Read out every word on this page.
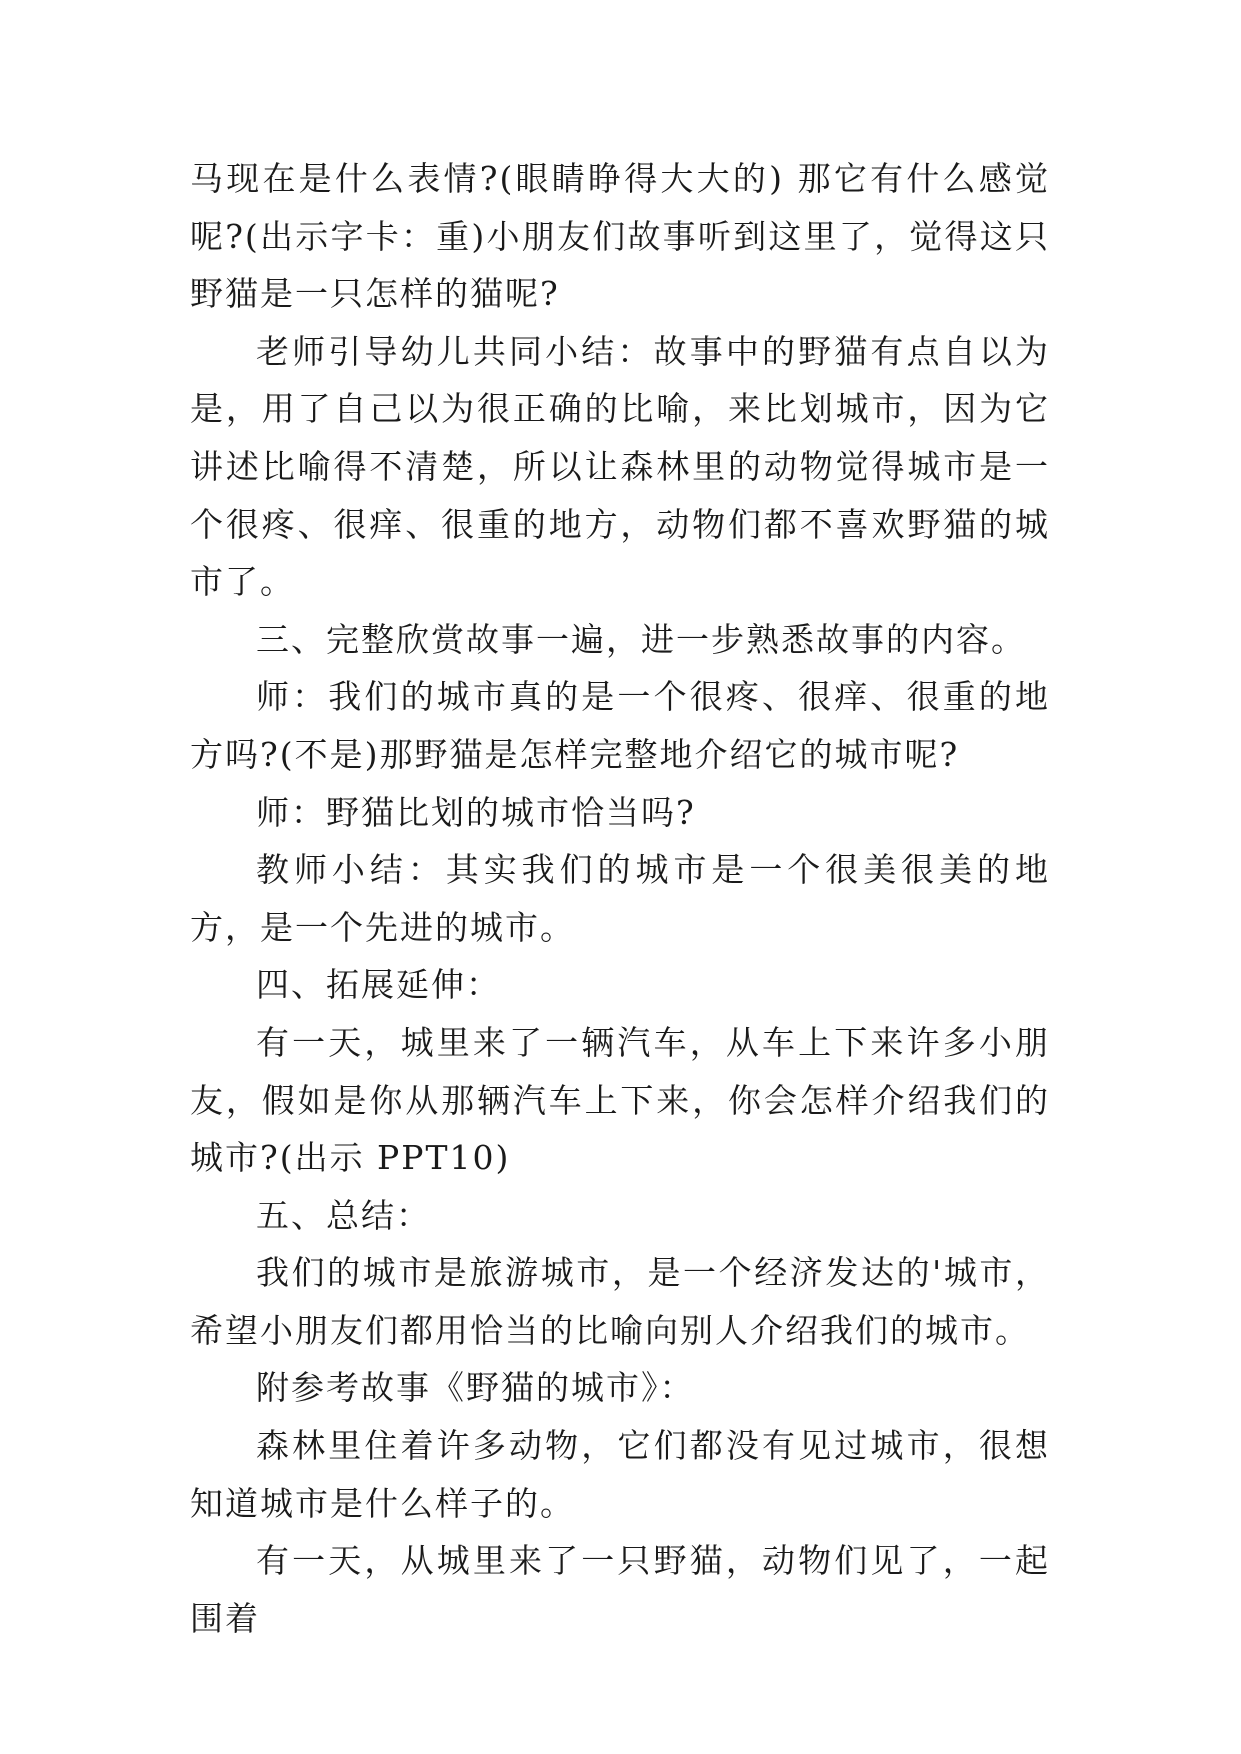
马现在是什么表情?(眼睛睁得大大的) 那它有什么感觉呢?(出示字卡：重)小朋友们故事听到这里了，觉得这只野猫是一只怎样的猫呢?

老师引导幼儿共同小结：故事中的野猫有点自以为是，用了自己以为很正确的比喻，来比划城市，因为它讲述比喻得不清楚，所以让森林里的动物觉得城市是一个很疼、很痒、很重的地方，动物们都不喜欢野猫的城市了。

三、完整欣赏故事一遍，进一步熟悉故事的内容。

师：我们的城市真的是一个很疼、很痒、很重的地方吗?(不是)那野猫是怎样完整地介绍它的城市呢?

师：野猫比划的城市恰当吗?

教师小结：其实我们的城市是一个很美很美的地方，是一个先进的城市。

四、拓展延伸：

有一天，城里来了一辆汽车，从车上下来许多小朋友，假如是你从那辆汽车上下来，你会怎样介绍我们的城市?(出示 PPT10)

五、总结：

我们的城市是旅游城市，是一个经济发达的'城市，希望小朋友们都用恰当的比喻向别人介绍我们的城市。

附参考故事《野猫的城市》：

森林里住着许多动物，它们都没有见过城市，很想知道城市是什么样子的。

有一天，从城里来了一只野猫，动物们见了，一起围着
